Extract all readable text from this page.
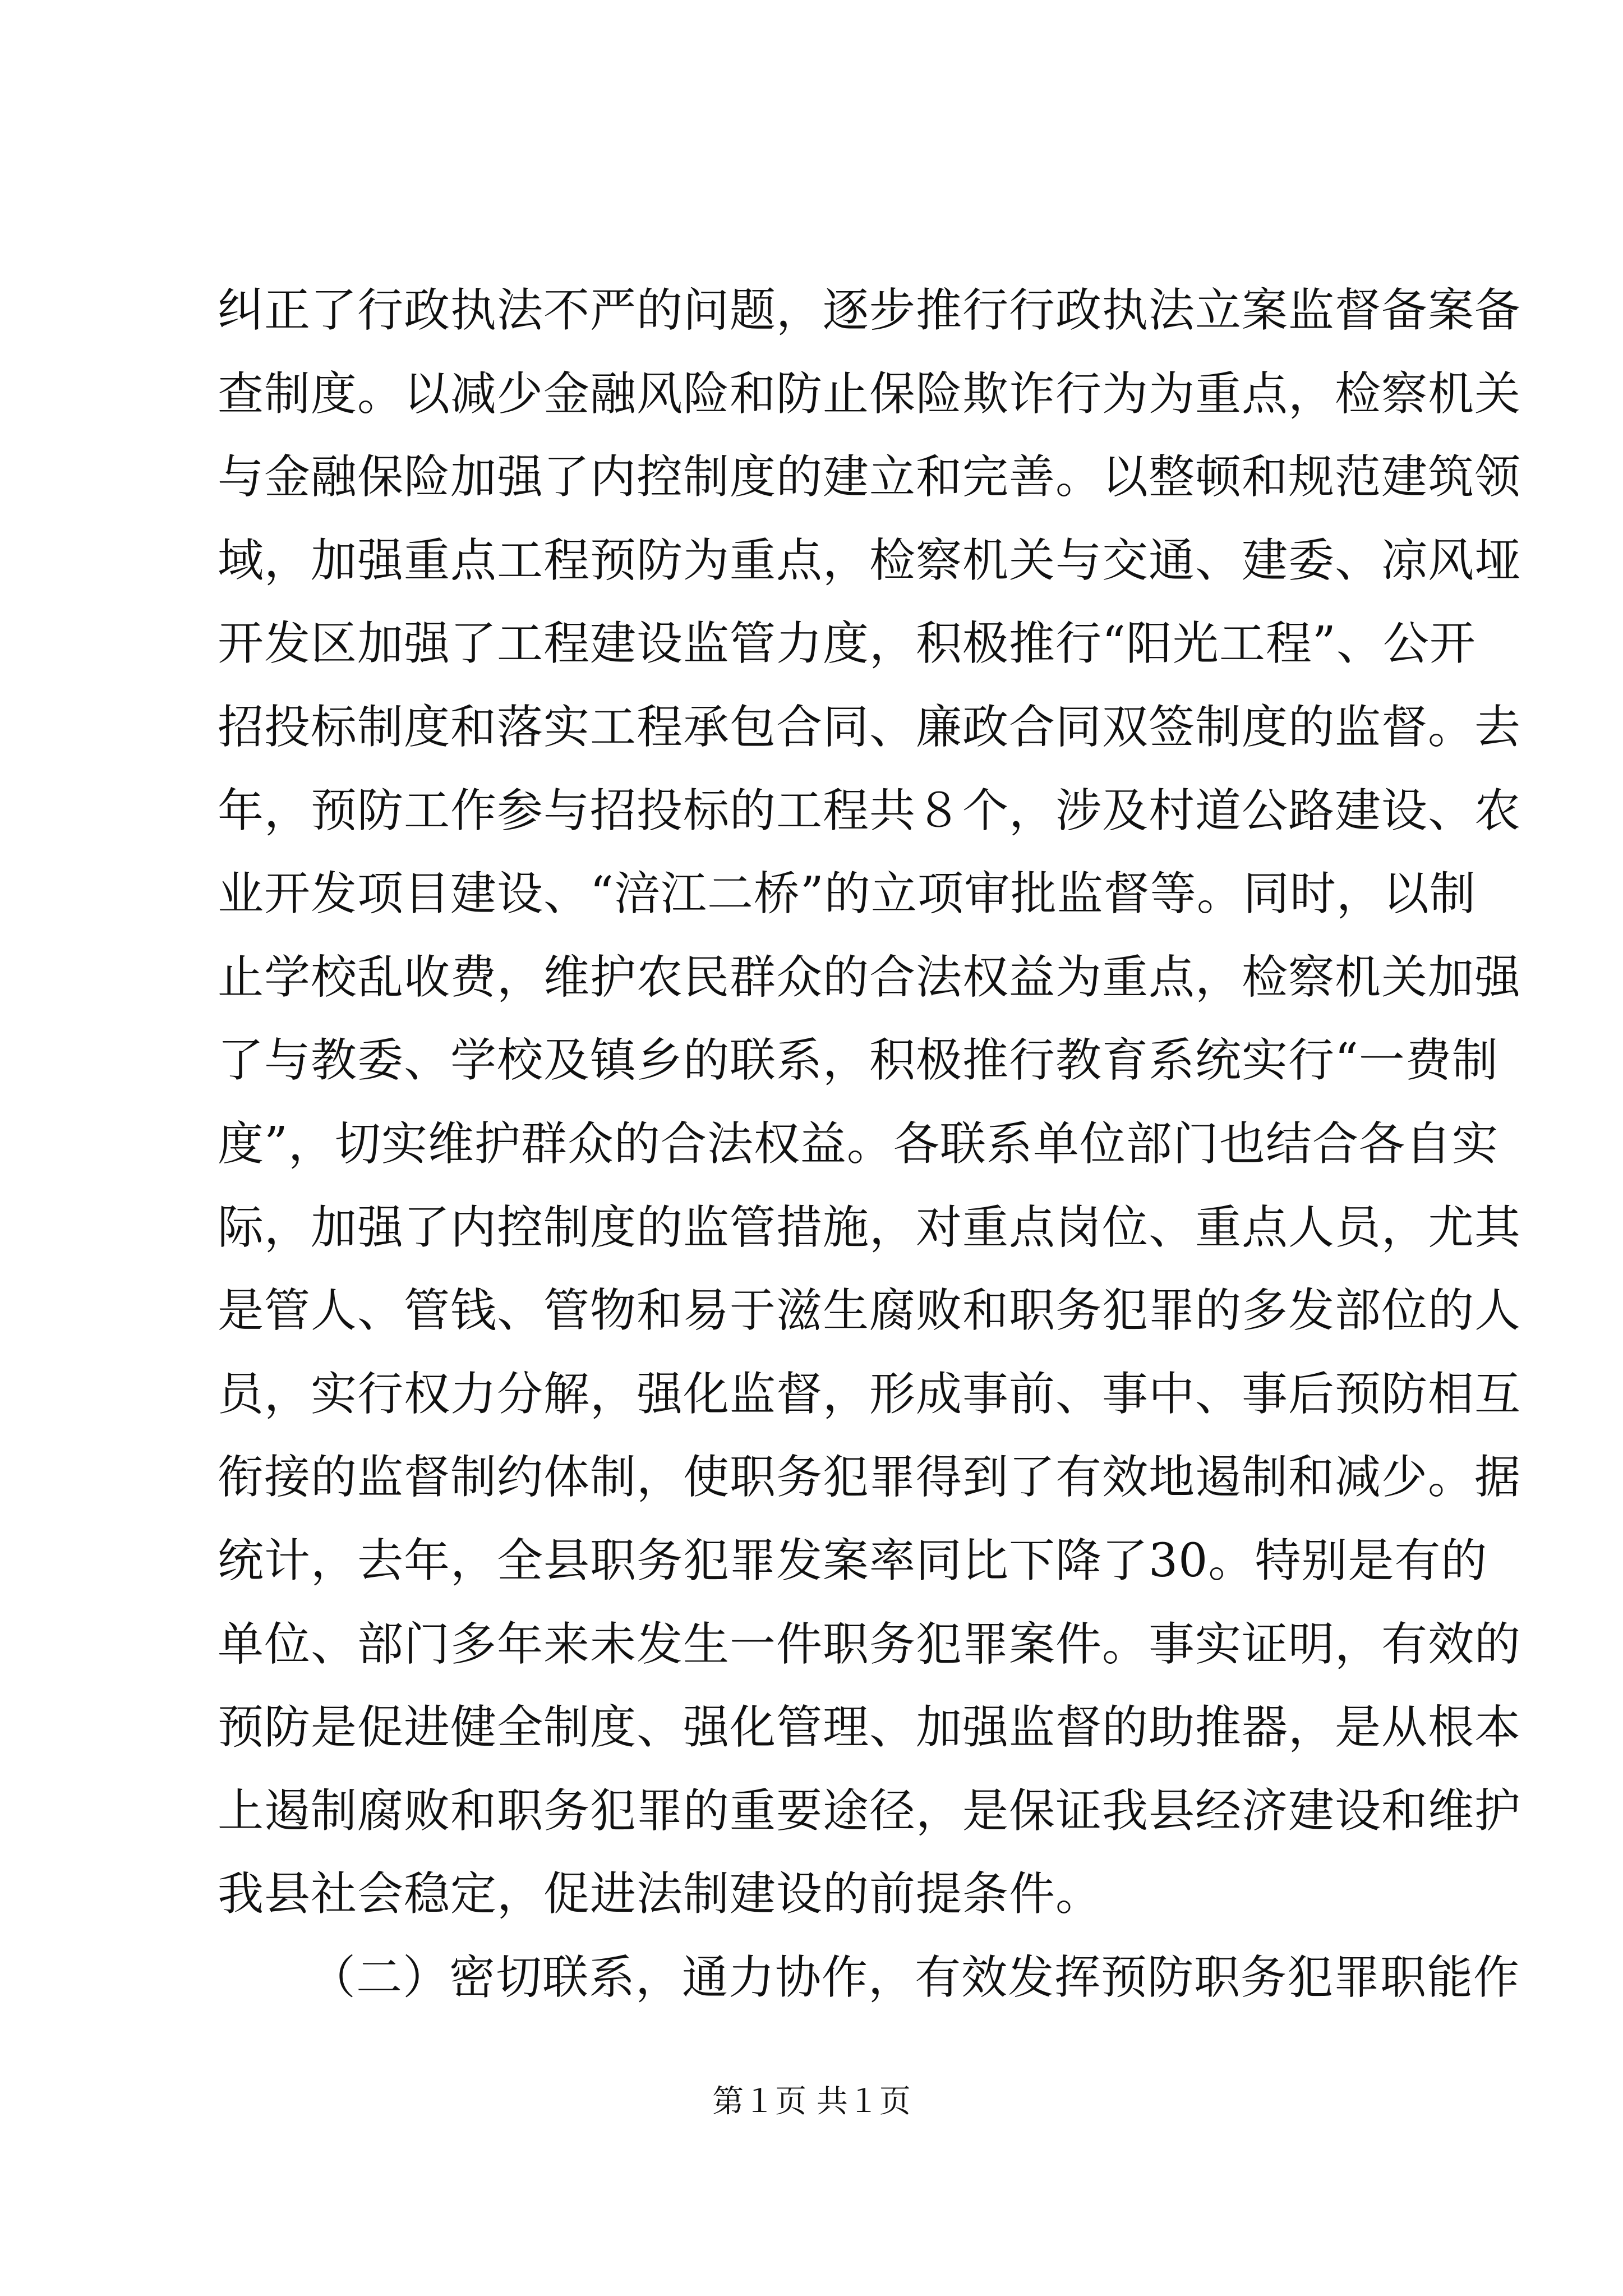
纠正了行政执法不严的问题，逐步推行行政执法立案监督备案备
查制度。以减少金融风险和防止保险欺诈行为为重点，检察机关
与金融保险加强了内控制度的建立和完善。以整顿和规范建筑领
域，加强重点工程预防为重点，检察机关与交通、建委、凉风垭
开发区加强了工程建设监管力度，积极推行“阳光工程”、公开
招投标制度和落实工程承包合同、廉政合同双签制度的监督。去
年，预防工作参与招投标的工程共８个，涉及村道公路建设、农
业开发项目建设、“涪江二桥”的立项审批监督等。同时，以制
止学校乱收费，维护农民群众的合法权益为重点，检察机关加强
了与教委、学校及镇乡的联系，积极推行教育系统实行“一费制
度”，切实维护群众的合法权益。各联系单位部门也结合各自实
际，加强了内控制度的监管措施，对重点岗位、重点人员，尤其
是管人、管钱、管物和易于滋生腐败和职务犯罪的多发部位的人
员，实行权力分解，强化监督，形成事前、事中、事后预防相互
衔接的监督制约体制，使职务犯罪得到了有效地遏制和减少。据
统计，去年，全县职务犯罪发案率同比下降了30。特别是有的
单位、部门多年来未发生一件职务犯罪案件。事实证明，有效的
预防是促进健全制度、强化管理、加强监督的助推器，是从根本
上遏制腐败和职务犯罪的重要途径，是保证我县经济建设和维护
我县社会稳定，促进法制建设的前提条件。
（二）密切联系，通力协作，有效发挥预防职务犯罪职能作
第１页 共１页
